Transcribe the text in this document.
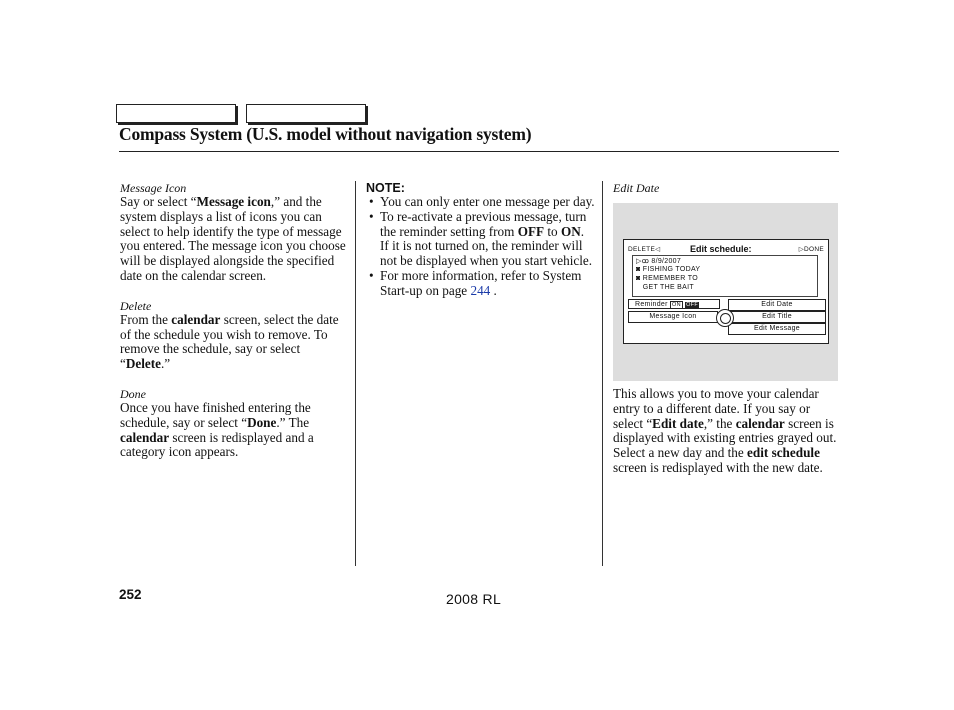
Compass System (U.S. model without navigation system)
Message Icon

Say or select “Message icon,” and the system displays a list of icons you can select to help identify the type of message you entered. The message icon you choose will be displayed alongside the specified date on the calendar screen.

Delete

From the calendar screen, select the date of the schedule you wish to remove. To remove the schedule, say or select “Delete.”

Done

Once you have finished entering the schedule, say or select “Done.” The calendar screen is redisplayed and a category icon appears.

NOTE:
• You can only enter one message per day.
• To re-activate a previous message, turn the reminder setting from OFF to ON. If it is not turned on, the reminder will not be displayed when you start vehicle.
• For more information, refer to System Start-up on page 244 .
Edit Date
This allows you to move your calendar entry to a different date. If you say or select “Edit date,” the calendar screen is displayed with existing entries grayed out. Select a new day and the edit schedule screen is redisplayed with the new date.
DELETE◁	Edit schedule:	▷DONE
▷ꝏ 8/9/2007
◙ FISHING TODAY
◙ REMEMBER TO
GET THE BAIT
Reminder ON OFF	Edit Date
Message Icon	Edit Title
Edit Message
252	2008 RL
